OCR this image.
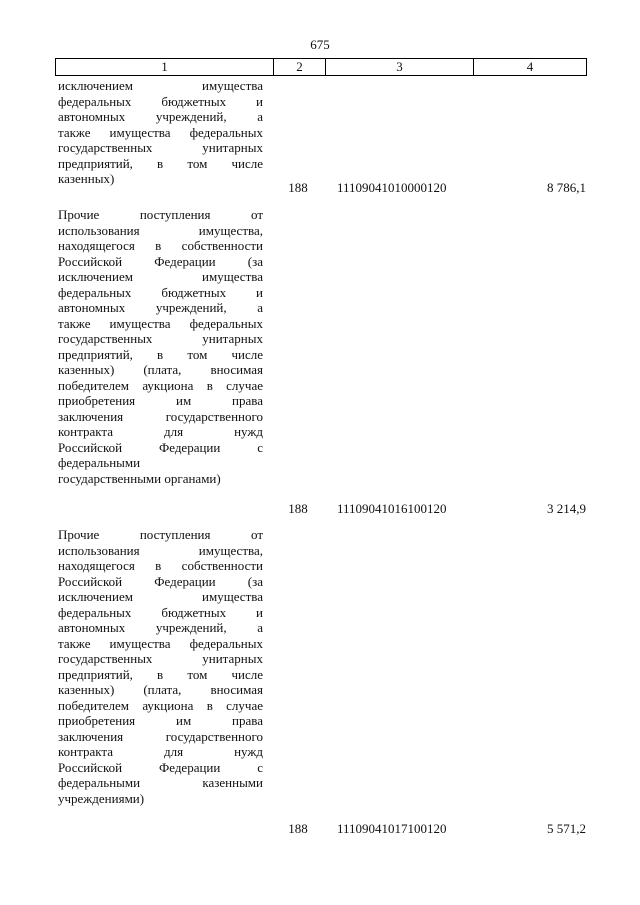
675
1	2	3	4
исключением имущества
федеральных бюджетных и
автономных учреждений, а
также имущества федеральных
государственных унитарных
предприятий, в том числе
казенных)
188 11109041010000120	8 786,1
Прочие поступления от
использования имущества,
находящегося в собственности
Российской Федерации (за
исключением имущества
федеральных бюджетных и
автономных учреждений, а
также имущества федеральных
государственных унитарных
предприятий, в том числе
казенных) (плата, вносимая
победителем аукциона в случае
приобретения им права
заключения государственного
контракта для нужд
Российской Федерации с
федеральными
государственными органами)
188 11109041016100120	3 214,9
Прочие поступления от
использования имущества,
находящегося в собственности
Российской Федерации (за
исключением имущества
федеральных бюджетных и
автономных учреждений, а
также имущества федеральных
государственных унитарных
предприятий, в том числе
казенных) (плата, вносимая
победителем аукциона в случае
приобретения им права
заключения государственного
контракта для нужд
Российской Федерации с
федеральными казенными
учреждениями)
188 11109041017100120	5 571,2
